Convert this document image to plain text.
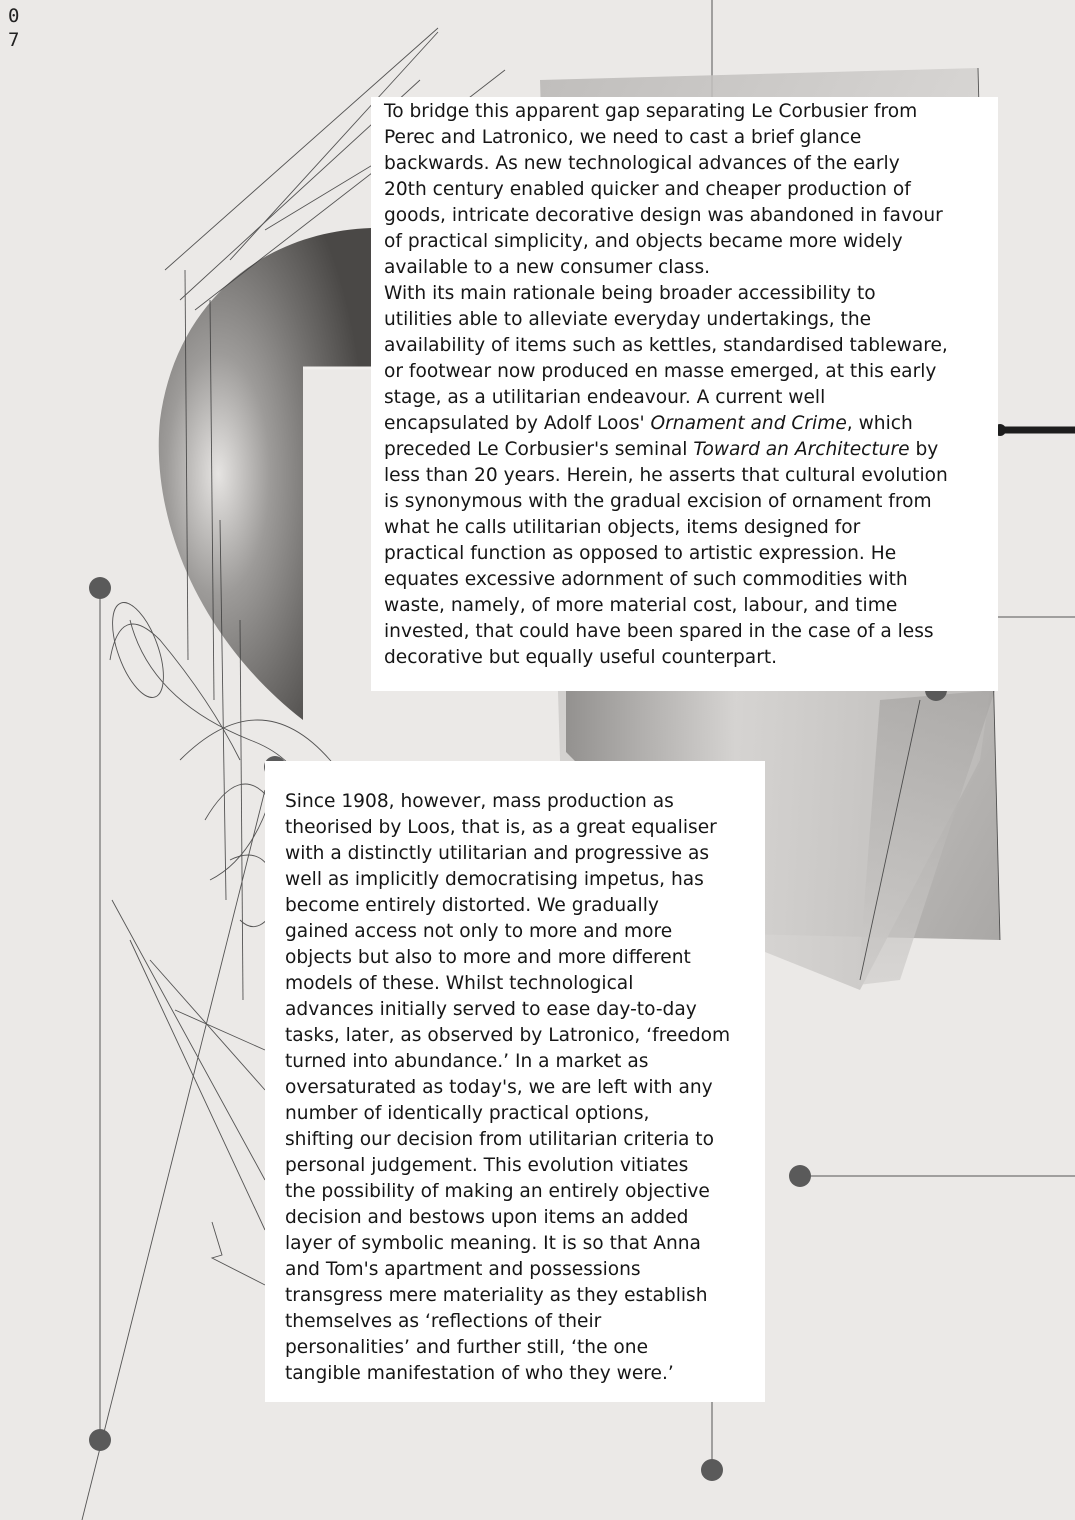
0
7

To bridge this apparent gap separating Le Corbusier from
Perec and Latronico, we need to cast a brief glance
backwards. As new technological advances of the early
20th century enabled quicker and cheaper production of
goods, intricate decorative design was abandoned in favour
of practical simplicity, and objects became more widely
available to a new consumer class.

With its main rationale being broader accessibility to
utilities able to alleviate everyday undertakings, the
availability of items such as kettles, standardised tableware,
or footwear now produced en masse emerged, at this early
stage, as a utilitarian endeavour. A current well
encapsulated by Adolf Loos' Ornament and Crime, which
preceded Le Corbusier's seminal Toward an Architecture by
less than 20 years. Herein, he asserts that cultural evolution
is synonymous with the gradual excision of ornament from
what he calls utilitarian objects, items designed for
practical function as opposed to artistic expression. He
equates excessive adornment of such commodities with
waste, namely, of more material cost, labour, and time
invested, that could have been spared in the case of a less
decorative but equally useful counterpart.

Since 1908, however, mass production as
theorised by Loos, that is, as a great equaliser
with a distinctly utilitarian and progressive as
well as implicitly democratising impetus, has
become entirely distorted. We gradually
gained access not only to more and more
objects but also to more and more different
models of these. Whilst technological
advances initially served to ease day-to-day
tasks, later, as observed by Latronico, ‘freedom
turned into abundance.’ In a market as
oversaturated as today's, we are left with any
number of identically practical options,
shifting our decision from utilitarian criteria to
personal judgement. This evolution vitiates
the possibility of making an entirely objective
decision and bestows upon items an added
layer of symbolic meaning. It is so that Anna
and Tom's apartment and possessions
transgress mere materiality as they establish
themselves as ‘reflections of their
personalities’ and further still, ‘the one
tangible manifestation of who they were.’
